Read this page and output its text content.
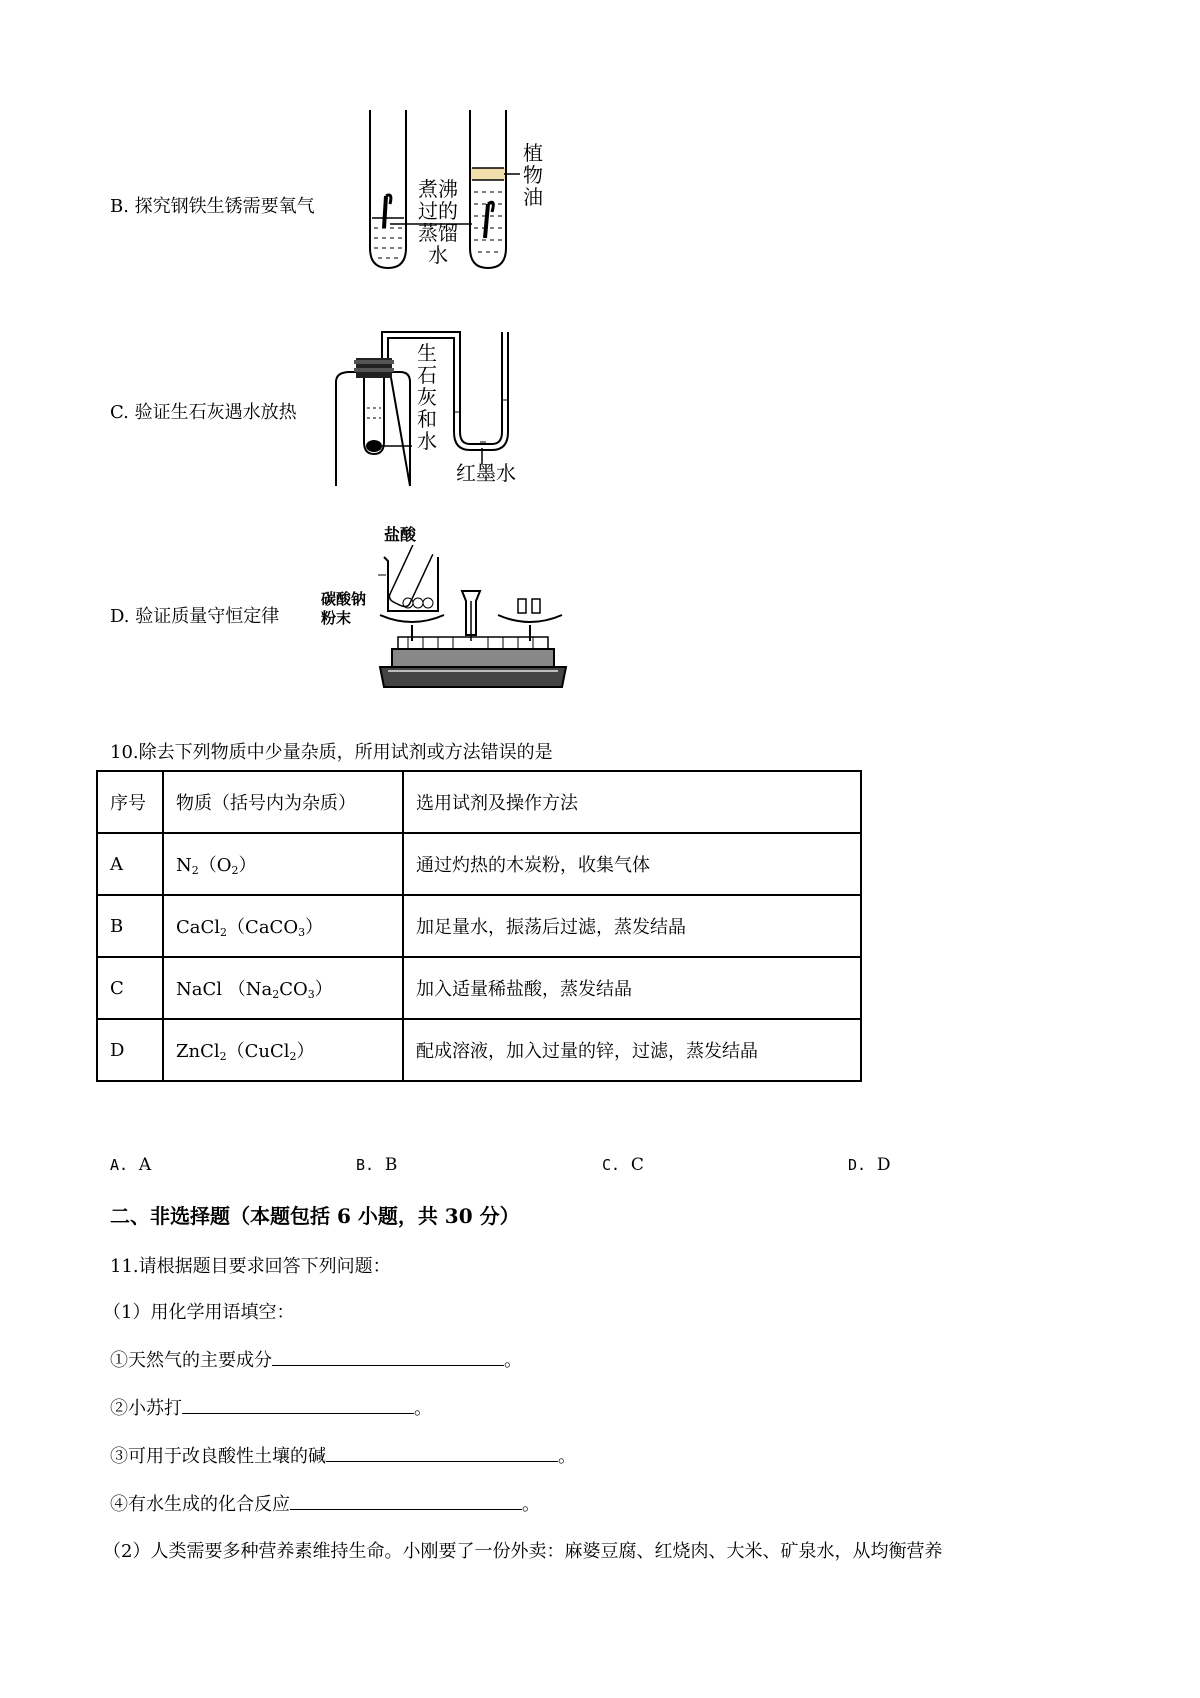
B. 探究钢铁生锈需要氧气
煮沸
过的
蒸馏
水
植
物
油
C. 验证生石灰遇水放热
生
石
灰
和
水
红墨水
D. 验证质量守恒定律
盐酸
碳酸钠
粉末
10.除去下列物质中少量杂质，所用试剂或方法错误的是
序号	物质（括号内为杂质）	选用试剂及操作方法
A	$N_2(O_2)$	通过灼热的木炭粉，收集气体
B	CaCl$_2$（CaCO$_3$）	加足量水，振荡后过滤，蒸发结晶
C	NaCl $(Na_2CO_3)$	加入适量稀盐酸，蒸发结晶
D	ZnCl$_2$（CuCl$_2$）	配成溶液，加入过量的锌，过滤，蒸发结晶
A. A	B. B	C. C	D. D
二、非选择题（本题包括 6 小题，共 30 分）
11.请根据题目要求回答下列问题：
（1）用化学用语填空：
①天然气的主要成分	。
②小苏打	。
③可用于改良酸性土壤的碱	。
④有水生成的化合反应	。
（2）人类需要多种营养素维持生命。小刚要了一份外卖：麻婆豆腐、红烧肉、大米、矿泉水，从均衡营养
